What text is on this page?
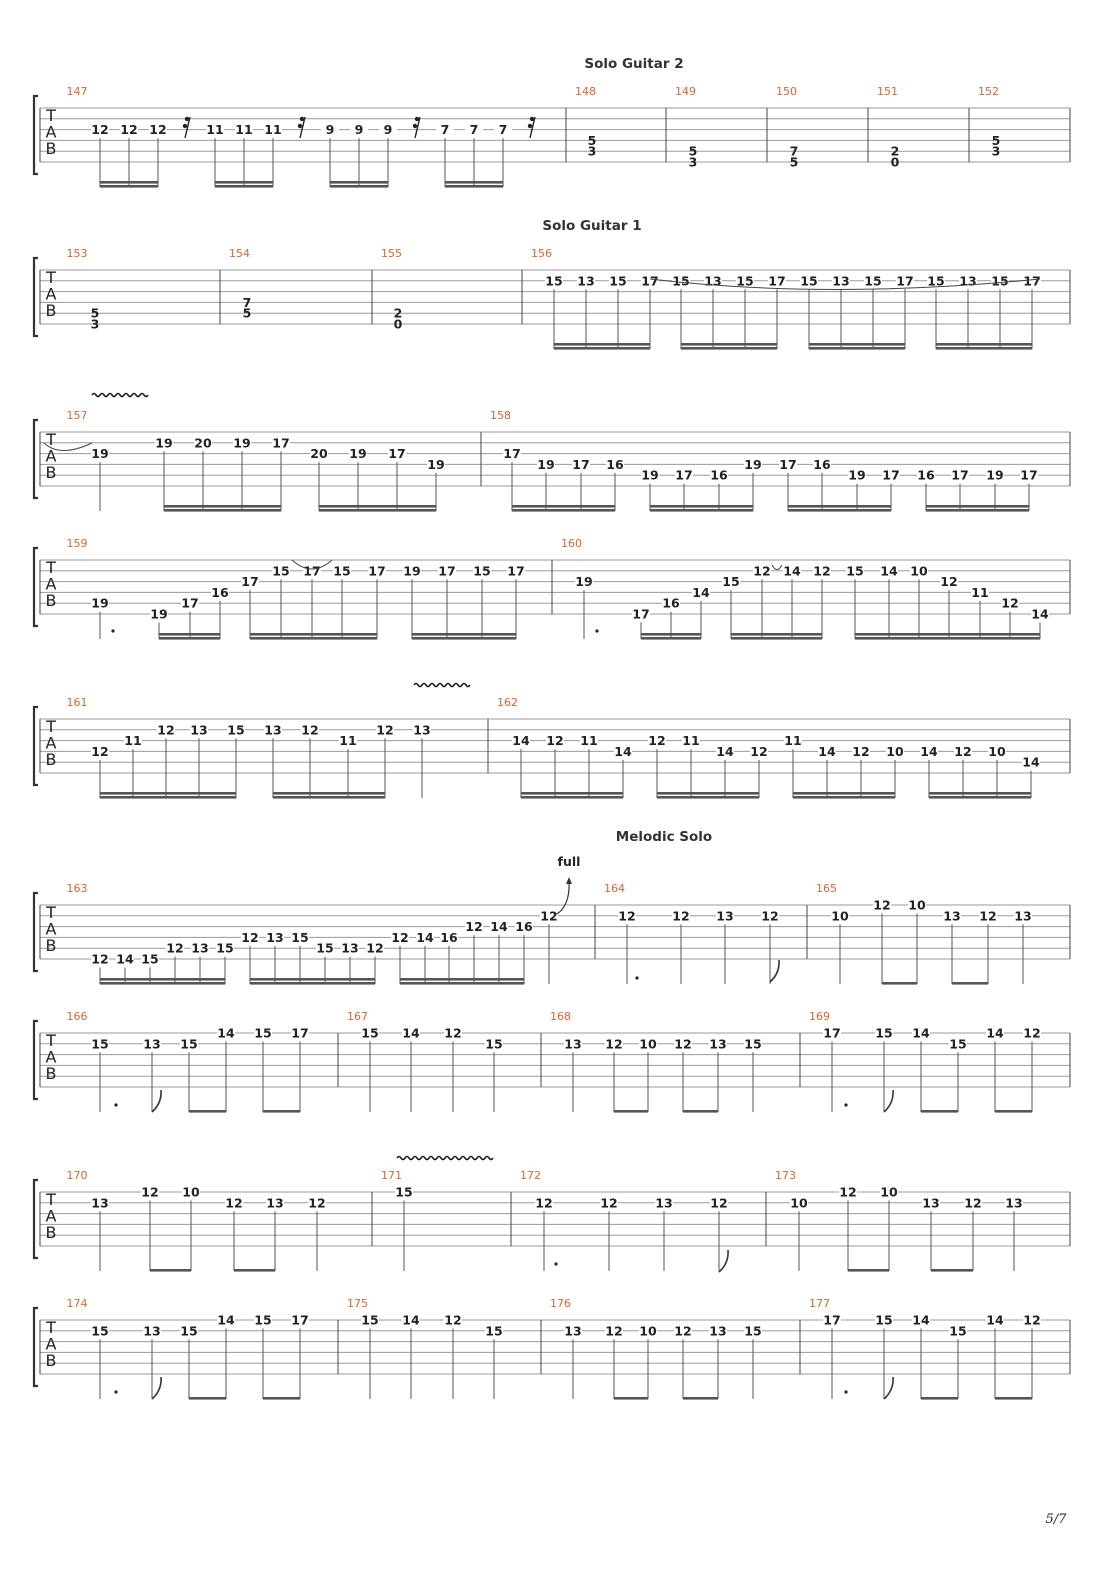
Solo Guitar 2
Solo Guitar 1
Melodic Solo
full
5/7
T
A
B
147
12 12 12	11 11 11	9 9 9	7 7 7
148
5
3
149
5
3
150
7
5
151
2
0
152
5
3
T
A
B
153
5
3
154
7
5
155
2
0
156
15 13 15 17 15 13 15 17 15 13 15 17 15 13 15 17
T
A
B
157
19
19 20 19 17
20 19 17
19
158
17
19 17 16
19 17 16
19 17 16
19 17 16 17 19 17
T
A
B
159
19
19
17
16
17
15 17 15 17 19 17 15 17
160
19
17
16
14
15
12 14 12 15 14 10
12
11
12
14
T
A
B
161
12
11
12 13 15 13 12
11
12 13
162
14 12 11
14
12 11
14 12
11
14 12 10 14 12 10
14
T
A
B
163
12 14 15
12 13 15
12 13 15
15 13 12
12 14 16
12 14 16
12
164
12	12 13 12
165
10
12 10
13 12 13
T
A
B
166
15	13 15
14 15 17
167
15 14 12
15
168
13 12 10 12 13 15
169
17	15 14
15
14 12
T
A
B
170
13
12 10
12 13 12
171
15
172
12	12	13	12
173
10
12 10
13 12 13
T
A
B
174
15	13 15
14 15 17
175
15 14 12
15
176
13 12 10 12 13 15
177
17	15 14
15
14 12
